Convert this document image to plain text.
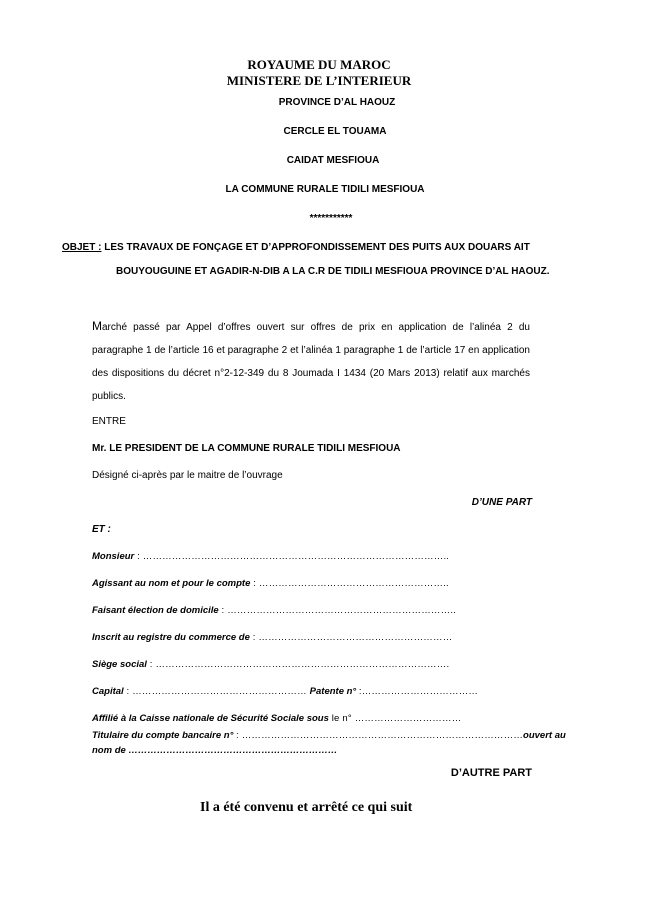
ROYAUME DU MAROC
MINISTERE DE L’INTERIEUR
PROVINCE D’AL HAOUZ
CERCLE EL TOUAMA
CAIDAT MESFIOUA
LA COMMUNE RURALE TIDILI MESFIOUA
***********
OBJET : LES TRAVAUX DE FONÇAGE ET D’APPROFONDISSEMENT DES PUITS AUX DOUARS AIT
BOUYOUGUINE ET AGADIR-N-DIB A LA C.R DE TIDILI MESFIOUA PROVINCE D’AL HAOUZ.
Marché passé par Appel d’offres ouvert sur offres de prix en application de l’alinéa 2 du paragraphe 1 de l’article 16 et paragraphe 2 et l’alinéa 1 paragraphe 1 de l’article 17 en application des dispositions du décret n°2-12-349 du 8 Joumada I 1434 (20 Mars 2013) relatif aux marchés publics.
ENTRE
Mr. LE PRESIDENT DE LA COMMUNE RURALE TIDILI MESFIOUA
Désigné ci-après par le maitre de l’ouvrage
D’UNE PART
ET :
Monsieur : …………………………………………………………………………………..
Agissant au nom et pour le compte : …………………………………………………..
Faisant élection de domicile : ……………………………………………………………..
Inscrit au registre du commerce de : ……………………………………………………
Siège social : ……………………………………………………………………………….
Capital : ……………………………………………… Patente n° :………………………………
Affilié à la Caisse nationale de Sécurité Sociale sous le n° ……………………………
Titulaire du compte bancaire n° : ……………………………………………………………………………ouvert au
nom de …………………………………………………………
D’AUTRE PART
Il a été convenu et arrêté ce qui suit
